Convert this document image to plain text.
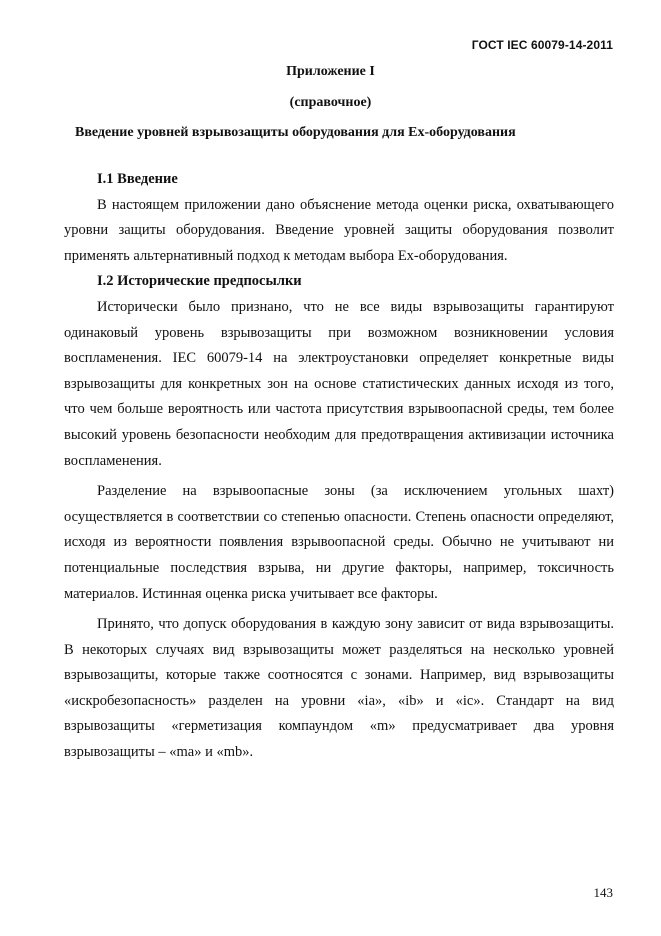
ГОСТ IEC 60079-14-2011
Приложение I
(справочное)
Введение уровней взрывозащиты оборудования для Ex-оборудования

I.1 Введение

В настоящем приложении дано объяснение метода оценки риска, охватывающего уровни защиты оборудования. Введение уровней защиты оборудования позволит применять альтернативный подход к методам выбора Ex-оборудования.

I.2 Исторические предпосылки

Исторически было признано, что не все виды взрывозащиты гарантируют одинаковый уровень взрывозащиты при возможном возникновении условия воспламенения. IEC 60079-14 на электроустановки определяет конкретные виды взрывозащиты для конкретных зон на основе статистических данных исходя из того, что чем больше вероятность или частота присутствия взрывоопасной среды, тем более высокий уровень безопасности необходим для предотвращения активизации источника воспламенения.

Разделение на взрывоопасные зоны (за исключением угольных шахт) осуществляется в соответствии со степенью опасности. Степень опасности определяют, исходя из вероятности появления взрывоопасной среды. Обычно не учитывают ни потенциальные последствия взрыва, ни другие факторы, например, токсичность материалов. Истинная оценка риска учитывает все факторы.

Принято, что допуск оборудования в каждую зону зависит от вида взрывозащиты. В некоторых случаях вид взрывозащиты может разделяться на несколько уровней взрывозащиты, которые также соотносятся с зонами. Например, вид взрывозащиты «искробезопасность» разделен на уровни «ia», «ib» и «ic». Стандарт на вид взрывозащиты «герметизация компаундом «m» предусматривает два уровня взрывозащиты – «ma» и «mb».

143
